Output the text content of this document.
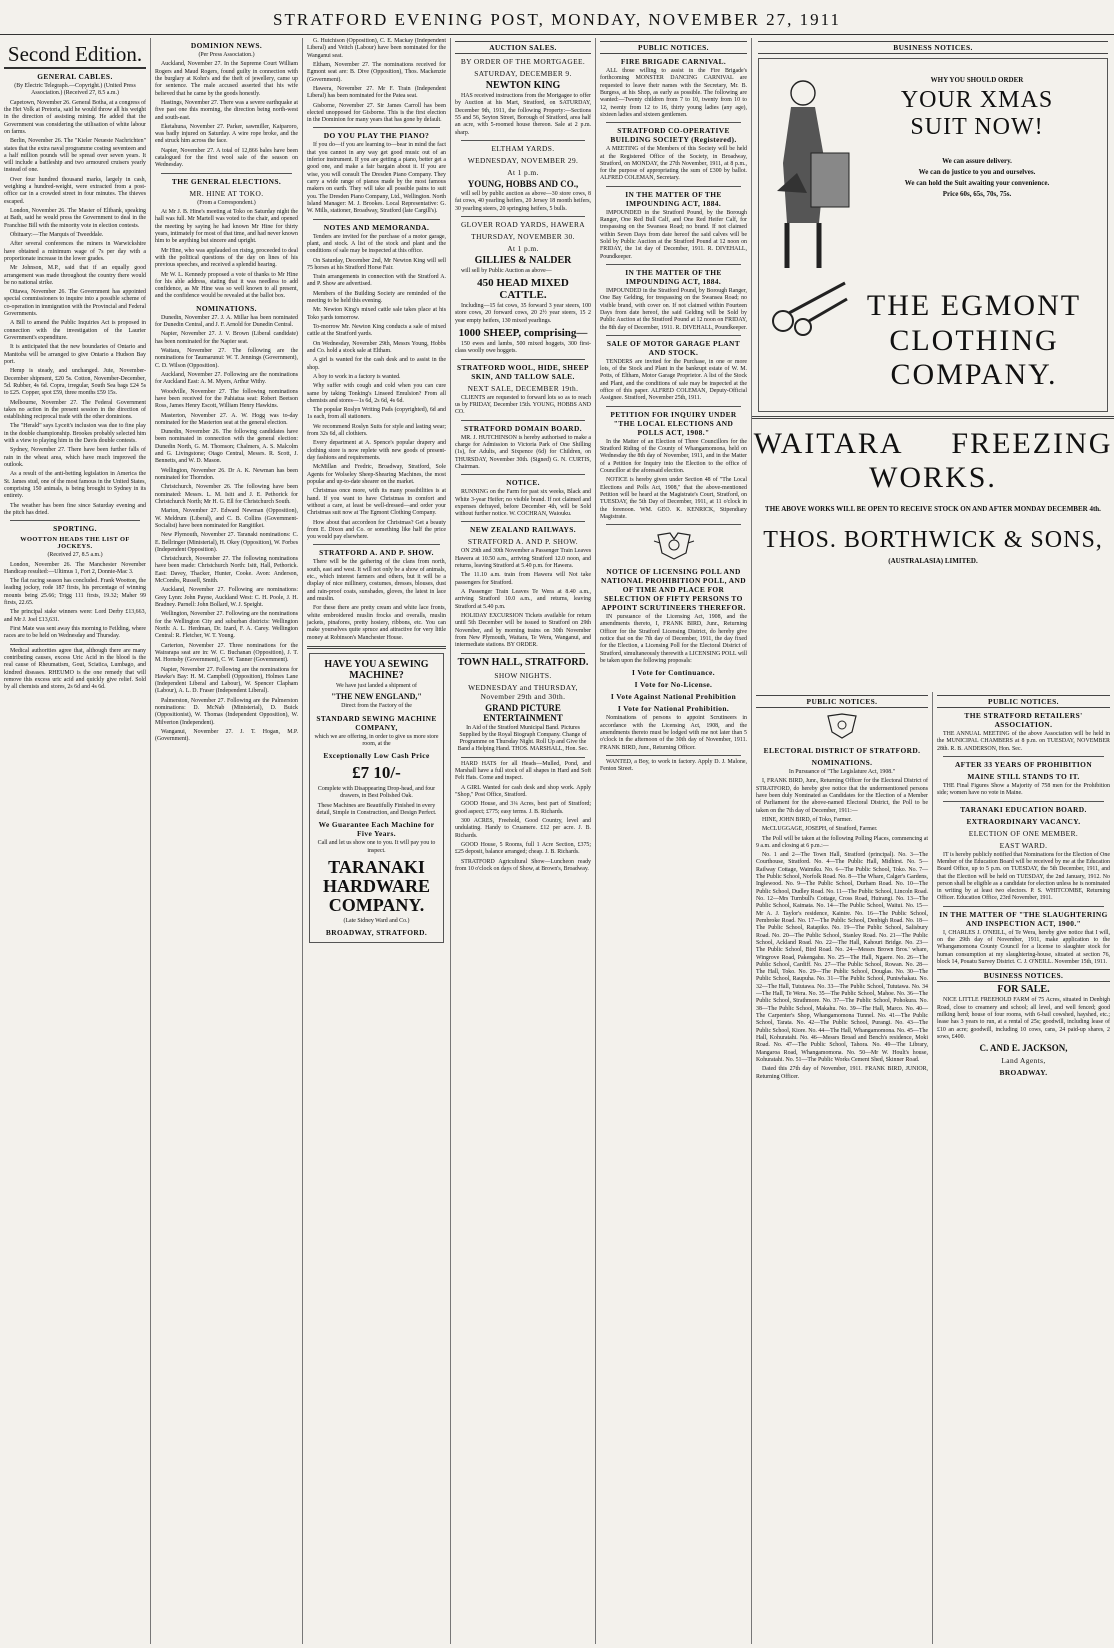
STRATFORD EVENING POST, MONDAY, NOVEMBER 27, 1911
Second Edition.
GENERAL CABLES.
(By Electric Telegraph.—Copyright.) (United Press Association.) (Received 27, 8.5 a.m.)
Capetown, November 26. General Botha, at a congress of the Het Volk at Pretoria, said he would throw all his weight in the direction of assisting mining. He added that the Government was considering the utilisation of white labour on farms.
Berlin, November 26. The "Kieler Neueste Nachrichten" states that the extra naval programme costing seventeen and a half million pounds will be spread over seven years. It will include a battleship and two armoured cruisers yearly instead of one.
Over four hundred thousand marks, largely in cash, weighing a hundred-weight, were extracted from a post-office car in a crowded street in four minutes. The thieves escaped.
London, November 26. The Master of Elibank, speaking at Bath, said he would press the Government to deal in the Franchise Bill with the minority vote in election contests.
Obituary:—The Marquis of Tweeddale.
After several conferences the miners in Warwickshire have obtained a minimum wage of 7s per day with a proportionate increase in the lower grades.
Mr Johnson, M.P., said that if an equally good arrangement was made throughout the country there would be no national strike.
Ottawa, November 26. The Government has appointed special commissioners to inquire into a possible scheme of co-operation in immigration with the Provincial and Federal Governments.
A Bill to amend the Public Inquiries Act is proposed in connection with the investigation of the Laurier Government's expenditure.
It is anticipated that the new boundaries of Ontario and Manitoba will be arranged to give Ontario a Hudson Bay port.
Hemp is steady, and unchanged. Jute, November-December shipment, £20 5s. Cotton, November-December, 5d. Rubber, 4s 6d. Copra, irregular, South Sea bags £24 5s to £25. Copper, spot £59, three months £59 15s.
Melbourne, November 27. The Federal Government takes no action in the present session in the direction of establishing reciprocal trade with the other dominions.
The "Herald" says Lyceit's inclusion was due to fine play in the double championship. Brookes probably selected him with a view to playing him in the Davis double contests.
Sydney, November 27. There have been further falls of rain in the wheat area, which have much improved the outlook.
As a result of the anti-betting legislation in America the St. James stud, one of the most famous in the United States, comprising 150 animals, is being brought to Sydney in its entirety.
The weather has been fine since Saturday evening and the pitch has dried.
SPORTING.
WOOTTON HEADS THE LIST OF JOCKEYS.
(Received 27, 8.5 a.m.)
London, November 26. The Manchester November Handicap resulted:—Ultimus 1, Fort 2, Donnie-Mac 3.
The flat racing season has concluded. Frank Wootton, the leading jockey, rode 187 firsts, his percentage of winning mounts being 25.66; Trigg 111 firsts, 19.32; Maher 99 firsts, 22.65.
The principal stake winners were: Lord Derby £13,663, and Mr J. Joel £13,631.
First Mate was sent away this morning to Feilding, where races are to be held on Wednesday and Thursday.
Medical authorities agree that, although there are many contributing causes, excess Uric Acid in the blood is the real cause of Rheumatism, Gout, Sciatica, Lumbago, and kindred diseases. RHEUMO is the one remedy that will remove this excess uric acid and quickly give relief. Sold by all chemists and stores, 2s 6d and 4s 6d.
DOMINION NEWS.
(Per Press Association.)
Auckland, November 27. In the Supreme Court William Rogers and Maud Rogers, found guilty in connection with the burglary at Kohn's and the theft of jewellery, came up for sentence. The male accused asserted that his wife believed that he came by the goods honestly.
Hastings, November 27. There was a severe earthquake at five past one this morning, the direction being north-west and south-east.
Eketahuna, November 27. Parker, sawmiller, Kaiparoro, was badly injured on Saturday. A wire rope broke, and the end struck him across the face.
Napier, November 27. A total of 12,866 bales have been catalogued for the first wool sale of the season on Wednesday.
THE GENERAL ELECTIONS.
MR. HINE AT TOKO.
(From a Correspondent.)
At Mr J. B. Hine's meeting at Toko on Saturday night the hall was full. Mr Martell was voted to the chair, and opened the meeting by saying he had known Mr Hine for thirty years, intimately for most of that time, and had never known him to be anything but sincere and upright.
Mr Hine, who was applauded on rising, proceeded to deal with the political questions of the day on lines of his previous speeches, and received a splendid hearing.
Mr W. L. Kennedy proposed a vote of thanks to Mr Hine for his able address, stating that it was needless to add confidence, as Mr Hine was so well known to all present, and the confidence would be revealed at the ballot box.
NOMINATIONS.
Dunedin, November 27. J. A. Millar has been nominated for Dunedin Central, and J. F. Arnold for Dunedin Central.
Napier, November 27. J. V. Brown (Liberal candidate) has been nominated for the Napier seat.
Waitara, November 27. The following are the nominations for Taumarunui: W. T. Jennings (Government), C. D. Wilson (Opposition).
Auckland, November 27. Following are the nominations for Auckland East: A. M. Myers, Arthur Withy.
Woodville, November 27. The following nominations have been received for the Pahiatua seat: Robert Beetson Ross, James Henry Escott, William Henry Hawkins.
Masterton, November 27. A. W. Hogg was to-day nominated for the Masterton seat at the general election.
Dunedin, November 26. The following candidates have been nominated in connection with the general election: Dunedin North, G. M. Thomson; Chalmers, A. S. Malcolm and G. Livingstone; Otago Central, Messrs. R. Scott, J. Bennetts, and W. D. Mason.
Wellington, November 26. Dr A. K. Newman has been nominated for Thorndon.
Christchurch, November 26. The following have been nominated: Messrs. L. M. Isitt and J. E. Pethorick for Christchurch North; Mr H. G. Ell for Christchurch South.
Marton, November 27. Edward Newman (Opposition), W. Meldrum (Liberal), and C. B. Collins (Government-Socialist) have been nominated for Rangitikei.
New Plymouth, November 27. Taranaki nominations: C. E. Bellringer (Ministerial), H. Okey (Opposition), W. Forbes (Independent Opposition).
Christchurch, November 27. The following nominations have been made: Christchurch North: Isitt, Hall, Pethorick. East: Davey, Thacker, Hunter, Cooke. Avon: Anderson, McCombs, Russell, Smith.
Auckland, November 27. Following are nominations: Grey Lynn: John Payne, Auckland West: C. H. Poole, J. H. Bradney. Parnell: John Bollard, W. J. Speight.
Wellington, November 27. Following are the nominations for the Wellington City and suburban districts: Wellington North: A. L. Herdman, Dr. Izard, F. A. Carey. Wellington Central: R. Fletcher, W. T. Young.
Carterton, November 27. Three nominations for the Wairarapa seat are in: W. C. Buchanan (Opposition), J. T. M. Hornsby (Government), C. W. Tanner (Government).
Napier, November 27. Following are the nominations for Hawke's Bay: H. M. Campbell (Opposition), Holmes Lane (Independent Liberal and Labour), W. Spencer Clapham (Labour), A. L. D. Fraser (Independent Liberal).
Palmerston, November 27. Following are the Palmerston nominations: D. McNab (Ministerial), D. Buick (Oppositionist), W. Thomas (Independent Opposition), W. Milverton (Independent).
Wanganui, November 27. J. T. Hogan, M.P. (Government).
G. Hutchison (Opposition), C. E. Mackay (Independent Liberal) and Veitch (Labour) have been nominated for the Wanganui seat.
Eltham, November 27. The nominations received for Egmont seat are: B. Dive (Opposition), Thos. Mackenzie (Government).
Hawera, November 27. Mr F. Train (Independent Liberal) has been nominated for the Patea seat.
Gisborne, November 27. Sir James Carroll has been elected unopposed for Gisborne. This is the first election in the Dominion for many years that has gone by default.
DO YOU PLAY THE PIANO?
If you do—if you are learning to—bear in mind the fact that you cannot in any way get good music out of an inferior instrument. If you are getting a piano, better get a good one, and make a fair bargain about it. If you are wise, you will consult The Dresden Piano Company. They carry a wide range of pianos made by the most famous makers on earth. They will take all possible pains to suit you. The Dresden Piano Company, Ltd., Wellington. North Island Manager: M. J. Brookes. Local Representative: G. W. Mills, stationer, Broadway, Stratford (late Cargill's).
NOTES AND MEMORANDA.
Tenders are invited for the purchase of a motor garage, plant, and stock. A list of the stock and plant and the conditions of sale may be inspected at this office.
On Saturday, December 2nd, Mr Newton King will sell 75 horses at his Stratford Horse Fair.
Train arrangements in connection with the Stratford A. and P. Show are advertised.
Members of the Building Society are reminded of the meeting to be held this evening.
Mr. Newton King's mixed cattle sale takes place at his Toko yards tomorrow.
To-morrow Mr. Newton King conducts a sale of mixed cattle at the Stratford yards.
On Wednesday, November 29th, Messrs Young, Hobbs and Co. hold a stock sale at Eltham.
A girl is wanted for the cash desk and to assist in the shop.
A boy to work in a factory is wanted.
Why suffer with cough and cold when you can cure same by taking Tonking's Linseed Emulsion? From all chemists and stores—1s 6d, 2s 6d, 4s 6d.
The popular Roslyn Writing Pads (copyrighted), 6d and 1s each, from all stationers.
We recommend Roslyn Suits for style and lasting wear; from 32s 6d, all clothiers.
Every department at A. Spence's popular drapery and clothing store is now replete with new goods of present-day fashions and requirements.
McMillan and Fredric, Broadway, Stratford, Sole Agents for Wolseley Sheep-Shearing Machines, the most popular and up-to-date shearer on the market.
Christmas once more, with its many possibilities is at hand. If you want to have Christmas in comfort and without a care, at least be well-dressed—and order your Christmas suit now at The Egmont Clothing Company.
How about that accordeon for Christmas? Get a beauty from E. Dixon and Co. or something like half the price you would pay elsewhere.
STRATFORD A. AND P. SHOW.
There will be the gathering of the clans from north, south, east and west. It will not only be a show of animals, etc., which interest farmers and others, but it will be a display of nice millinery, costumes, dresses, blouses, dust and rain-proof coats, sunshades, gloves, the latest in lace and muslin.
For these there are pretty cream and white lace fronts, white embroidered muslin frocks and overalls, muslin jackets, pinafores, pretty hosiery, ribbons, etc. You can make yourselves quite spruce and attractive for very little money at Robinson's Manchester House.
HAVE YOU A SEWING MACHINE?
We have just landed a shipment of
"THE NEW ENGLAND,"
Direct from the Factory of the
STANDARD SEWING MACHINE COMPANY,
which we are offering, in order to give us more store room, at the
Exceptionally Low Cash Price
£7 10/-
Complete with Disappearing Drop-head, and four drawers, in Best Polished Oak.
These Machines are Beautifully Finished in every detail, Simple in Construction, and Design Perfect.
We Guarantee Each Machine for Five Years.
Call and let us show one to you. It will pay you to inspect.
TARANAKI HARDWARE COMPANY.
(Late Sidney Ward and Co.)
BROADWAY, STRATFORD.
AUCTION SALES.
BY ORDER OF THE MORTGAGEE.
SATURDAY, DECEMBER 9.
NEWTON KING
HAS received instructions from the Mortgagee to offer by Auction at his Mart, Stratford, on SATURDAY, December 9th, 1911, the following Property:—Sections 55 and 56, Seyton Street, Borough of Stratford, area half an acre, with 5-roomed house thereon. Sale at 2 p.m. sharp.
ELTHAM YARDS.
WEDNESDAY, NOVEMBER 29.
At 1 p.m.
YOUNG, HOBBS AND CO.,
will sell by public auction as above—30 store cows, 8 fat cows, 40 yearling heifers, 20 Jersey 18 month heifers, 30 yearling steers, 20 springing heifers, 5 bulls.
GLOVER ROAD YARDS, HAWERA
THURSDAY, NOVEMBER 30.
At 1 p.m.
GILLIES & NALDER
will sell by Public Auction as above—
450 HEAD MIXED CATTLE.
Including—15 fat cows, 35 forward 3 year steers, 100 store cows, 20 forward cows, 20 2½ year steers, 15 2 year empty heifers, 130 mixed yearlings.
1000 SHEEP, comprising—
150 ewes and lambs, 500 mixed hoggets, 300 first-class woolly owe hoggets.
STRATFORD WOOL, HIDE, SHEEP SKIN, AND TALLOW SALE.
NEXT SALE, DECEMBER 19th.
CLIENTS are requested to forward lots so as to reach us by FRIDAY, December 15th. YOUNG, HOBBS AND CO.
STRATFORD DOMAIN BOARD.
MR. J. HUTCHINSON is hereby authorised to make a charge for Admission to Victoria Park of One Shilling (1s), for Adults, and Sixpence (6d) for Children, on THURSDAY, November 30th. (Signed) G. N. CURTIS, Chairman.
NOTICE.
RUNNING on the Farm for past six weeks, Black and White 3-year Heifer; no visible brand. If not claimed and expenses defrayed, before December 4th, will be Sold without further notice. W. COCHRAN, Waiouku.
NEW ZEALAND RAILWAYS.
STRATFORD A. AND P. SHOW.
ON 29th and 30th November a Passenger Train Leaves Hawera at 10.50 a.m., arriving Stratford 12.0 noon, and returns, leaving Stratford at 5.40 p.m. for Hawera.
The 11.10 a.m. train from Hawera will Not take passengers for Stratford.
A Passenger Train Leaves Te Wera at 8.40 a.m., arriving Stratford 10.0 a.m., and returns, leaving Stratford at 5.40 p.m.
HOLIDAY EXCURSION Tickets available for return until 5th December will be issued to Stratford on 29th November, and by morning trains on 30th November from New Plymouth, Waitara, Te Wera, Wanganui, and intermediate stations. BY ORDER.
TOWN HALL, STRATFORD.
SHOW NIGHTS.
WEDNESDAY and THURSDAY, November 29th and 30th.
GRAND PICTURE ENTERTAINMENT
In Aid of the Stratford Municipal Band. Pictures Supplied by the Royal Biograph Company. Change of Programme on Thursday Night. Roll Up and Give the Band a Helping Hand. THOS. MARSHALL, Hon. Sec.
HARD HATS for all Heads—Mulled, Pond, and Marshall have a full stock of all shapes in Hard and Soft Felt Hats. Come and inspect.
A GIRL Wanted for cash desk and shop work. Apply "Shop," Post Office, Stratford.
GOOD House, and 3¼ Acres, best part of Stratford; good aspect; £775; easy terms. J. B. Richards.
300 ACRES, Freehold, Good Country, level and undulating. Handy to Cruamere. £12 per acre. J. B. Richards.
GOOD House, 5 Rooms, full 1 Acre Section, £375; £25 deposit, balance arranged; cheap. J. B. Richards.
STRATFORD Agricultural Show—Luncheon ready from 10 o'clock on days of Show, at Brown's, Broadway.
PUBLIC NOTICES.
FIRE BRIGADE CARNIVAL.
ALL those willing to assist in the Fire Brigade's forthcoming MONSTER DANCING CARNIVAL are requested to leave their names with the Secretary, Mr. B. Burgess, at his Shop, as early as possible. The following are wanted:—Twenty children from 7 to 10, twenty from 10 to 12, twenty from 12 to 16, thirty young ladies (any age), sixteen ladies and sixteen gentlemen.
STRATFORD CO-OPERATIVE BUILDING SOCIETY (Registered).
A MEETING of the Members of this Society will be held at the Registered Office of the Society, in Broadway, Stratford, on MONDAY, the 27th November, 1911, at 8 p.m., for the purpose of appropriating the sum of £300 by ballot. ALFRED COLEMAN, Secretary.
IN THE MATTER OF THE IMPOUNDING ACT, 1884.
IMPOUNDED in the Stratford Pound, by the Borough Ranger, One Red Bull Calf, and One Red Heifer Calf, for trespassing on the Swansea Road; no brand. If not claimed within Seven Days from date hereof the said calves will be Sold by Public Auction at the Stratford Pound at 12 noon on FRIDAY, the 1st day of December, 1911. R. DIVEHALL, Poundkeeper.
IN THE MATTER OF THE IMPOUNDING ACT, 1884.
IMPOUNDED in the Stratford Pound, by Borough Ranger, One Bay Gelding, for trespassing on the Swansea Road; no visible brand, with cover on. If not claimed within Fourteen Days from date hereof, the said Gelding will be Sold by Public Auction at the Stratford Pound at 12 noon on FRIDAY, the 8th day of December, 1911. R. DIVEHALL, Poundkeeper.
SALE OF MOTOR GARAGE PLANT AND STOCK.
TENDERS are invited for the Purchase, in one or more lots, of the Stock and Plant in the bankrupt estate of W. M. Potts, of Eltham, Motor Garage Proprietor. A list of the Stock and Plant, and the conditions of sale may be inspected at the office of this paper. ALFRED COLEMAN, Deputy-Official Assignee. Stratford, November 25th, 1911.
PETITION FOR INQUIRY UNDER "THE LOCAL ELECTIONS AND POLLS ACT, 1908."
In the Matter of an Election of Three Councillors for the Stratford Riding of the County of Whangamomona, held on Wednesday the 8th day of November, 1911, and in the Matter of a Petition for Inquiry into the Election to the office of Councillor at the aforesaid election.
NOTICE is hereby given under Section 48 of "The Local Elections and Polls Act, 1908," that the above-mentioned Petition will be heard at the Magistrate's Court, Stratford, on TUESDAY, the 5th Day of December, 1911, at 11 o'clock in the forenoon. WM. GEO. K. KENRICK, Stipendiary Magistrate.
NOTICE OF LICENSING POLL AND NATIONAL PROHIBITION POLL, AND OF TIME AND PLACE FOR SELECTION OF FIFTY PERSONS TO APPOINT SCRUTINEERS THEREFOR.
IN pursuance of the Licensing Act, 1908, and the amendments thereto, I, FRANK BIRD, Junr., Returning Officer for the Stratford Licensing District, do hereby give notice that on the 7th day of December, 1911, the day fixed for the Election, a Licensing Poll for the Electoral District of Stratford, simultaneously therewith a LICENSING POLL will be taken upon the following proposals:
I Vote for Continuance.
I Vote for No-License.
I Vote Against National Prohibition
I Vote for National Prohibition.
Nominations of persons to appoint Scrutineers in accordance with the Licensing Act, 1908, and the amendments thereto must be lodged with me not later than 5 o'clock in the afternoon of the 30th day of November, 1911. FRANK BIRD, Junr., Returning Officer.
WANTED, a Boy, to work in factory. Apply D. J. Malone, Fenton Street.
BUSINESS NOTICES.
WHY YOU SHOULD ORDER
YOUR XMAS
SUIT NOW!
We can assure delivery.
We can do justice to you and ourselves.
We can hold the Suit awaiting your convenience.
Price 60s, 65s, 70s, 75s.
THE EGMONT CLOTHING COMPANY.
WAITARA FREEZING WORKS.
THE ABOVE WORKS WILL BE OPEN TO RECEIVE STOCK ON AND AFTER MONDAY DECEMBER 4th.
THOS. BORTHWICK & SONS,
(AUSTRALASIA) LIMITED.
PUBLIC NOTICES.
ELECTORAL DISTRICT OF STRATFORD.
NOMINATIONS.
In Pursuance of "The Legislature Act, 1908."
I, FRANK BIRD, Junr., Returning Officer for the Electoral District of STRATFORD, do hereby give notice that the undermentioned persons have been duly Nominated as Candidates for the Election of a Member of Parliament for the above-named Electoral District, the Poll to be taken on the 7th day of December, 1911:—
HINE, JOHN BIRD, of Toko, Farmer.
McCLUGGAGE, JOSEPH, of Stratford, Farmer.
The Poll will be taken at the following Polling Places, commencing at 9 a.m. and closing at 6 p.m.:—
No. 1 and 2—The Town Hall, Stratford (principal). No. 3—The Courthouse, Stratford. No. 4—The Public Hall, Midhirst. No. 5—Railway Cottage, Waimiku. No. 6—The Public School, Toko. No. 7—The Public School, Norfolk Road. No. 8—The Whare, Calger's Gardens, Inglewood. No. 9—The Public School, Durham Road. No. 10—The Public School, Dudley Road. No. 11—The Public School, Lincoln Road. No. 12—Mrs Turnbull's Cottage, Cross Road, Huirangi. No. 13—The Public School, Kaimata. No. 14—The Public School, Waitui. No. 15—Mr A. J. Taylor's residence, Kainire. No. 16—The Public School, Pembroke Road. No. 17—The Public School, Denbigh Road. No. 18—The Public School, Ratapiko. No. 19—The Public School, Salisbury Road. No. 20—The Public School, Stanley Road. No. 21—The Public School, Ackland Road. No. 22—The Hall, Kahouri Bridge. No. 23—The Public School, Bird Road. No. 24—Messrs Brown Bros.' whare, Wingrove Road, Pakengahu. No. 25—The Hall, Ngaere. No. 26—The Public School, Cardiff. No. 27—The Public School, Rowan. No. 28—The Hall, Toko. No. 29—The Public School, Douglas. No. 30—The Public School, Raupuha. No. 31—The Public School, Puniwhakau. No. 32—The Hall, Tututawa. No. 33—The Public School, Tututawa. No. 34—The Hall, Te Wera. No. 35—The Public School, Mahoe. No. 36—The Public School, Strathmore. No. 37—The Public School, Pohokura. No. 38—The Public School, Makahu. No. 39—The Hall, Marco. No. 40—The Carpenter's Shop, Whangamomona Tunnel. No. 41—The Public School, Tarata. No. 42—The Public School, Purangi. No. 43—The Public School, Kiore. No. 44—The Hall, Whangamomona. No. 45—The Hall, Kohuratahi. No. 46—Messrs Broad and Bench's residence, Moki Road. No. 47—The Public School, Tahora. No. 49—The Library, Mangaroa Road, Whangamomona. No. 50—Mr W. Hoult's house, Kohuratahi. No. 51—The Public Works Cement Shed, Skinner Road.
Dated this 27th day of November, 1911. FRANK BIRD, JUNIOR, Returning Officer.
PUBLIC NOTICES.
THE STRATFORD RETAILERS' ASSOCIATION.
THE ANNUAL MEETING of the above Association will be held in the MUNICIPAL CHAMBERS at 8 p.m. on TUESDAY, NOVEMBER 28th. R. B. ANDERSON, Hon. Sec.
AFTER 33 YEARS OF PROHIBITION
MAINE STILL STANDS TO IT.
THE Final Figures Show a Majority of 758 men for the Prohibition side; women have no vote in Maine.
TARANAKI EDUCATION BOARD.
EXTRAORDINARY VACANCY.
ELECTION OF ONE MEMBER.
EAST WARD.
IT is hereby publicly notified that Nominations for the Election of One Member of the Education Board will be received by me at the Education Board Office, up to 5 p.m. on TUESDAY, the 5th December, 1911, and that the Election will be held on TUESDAY, the 2nd January, 1912. No person shall be eligible as a candidate for election unless he is nominated in writing by at least two electors. P. S. WHITCOMBE, Returning Officer. Education Office, 23rd November, 1911.
IN THE MATTER OF "THE SLAUGHTERING AND INSPECTION ACT, 1900."
I, CHARLES J. O'NEILL, of Te Wera, hereby give notice that I will, on the 29th day of November, 1911, make application to the Whangamomona County Council for a license to slaughter stock for human consumption at my slaughtering-house, situated at section 76, block 14, Pouatu Survey District. C. J. O'NEILL. November 15th, 1911.
BUSINESS NOTICES.
FOR SALE.
NICE LITTLE FREEHOLD FARM of 75 Acres, situated in Denbigh Road, close to creamery and school; all level, and well fenced; good milking herd; house of four rooms, with 6-bail cowshed, hayshed, etc.; lease has 3 years to run, at a rental of 25s; goodwill, including lease of £10 an acre; goodwill, including 10 cows, cans, 24 paid-up shares, 2 sows, £400.
C. AND E. JACKSON,
Land Agents,
BROADWAY.
